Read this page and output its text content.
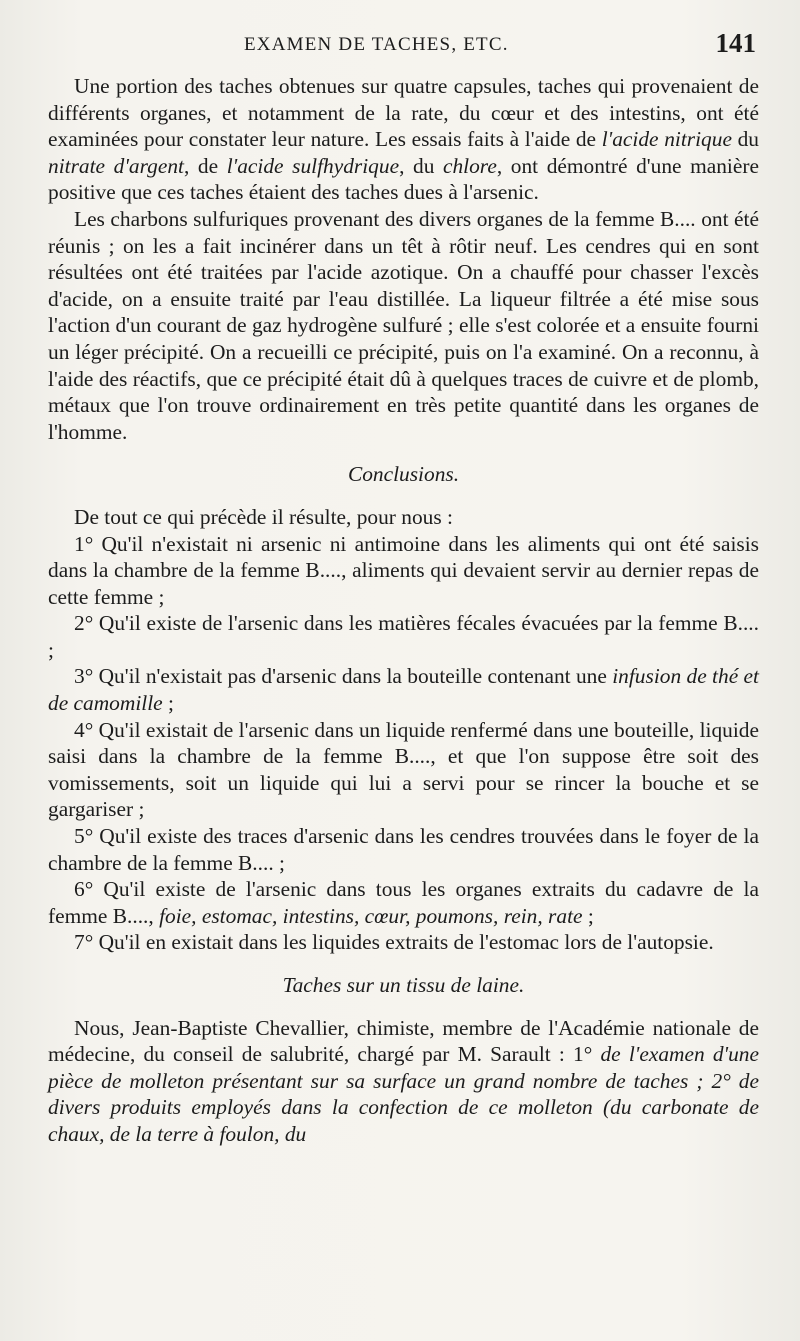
EXAMEN DE TACHES, ETC.	141

Une portion des taches obtenues sur quatre capsules, taches qui provenaient de différents organes, et notamment de la rate, du cœur et des intestins, ont été examinées pour constater leur nature. Les essais faits à l'aide de l'acide nitrique du nitrate d'argent, de l'acide sulfhydrique, du chlore, ont démontré d'une manière positive que ces taches étaient des taches dues à l'arsenic.

Les charbons sulfuriques provenant des divers organes de la femme B.... ont été réunis ; on les a fait incinérer dans un têt à rôtir neuf. Les cendres qui en sont résultées ont été traitées par l'acide azotique. On a chauffé pour chasser l'excès d'acide, on a ensuite traité par l'eau distillée. La liqueur filtrée a été mise sous l'action d'un courant de gaz hydrogène sulfuré ; elle s'est colorée et a ensuite fourni un léger précipité. On a recueilli ce précipité, puis on l'a examiné. On a reconnu, à l'aide des réactifs, que ce précipité était dû à quelques traces de cuivre et de plomb, métaux que l'on trouve ordinairement en très petite quantité dans les organes de l'homme.

Conclusions.

De tout ce qui précède il résulte, pour nous :

1° Qu'il n'existait ni arsenic ni antimoine dans les aliments qui ont été saisis dans la chambre de la femme B...., aliments qui devaient servir au dernier repas de cette femme ;

2° Qu'il existe de l'arsenic dans les matières fécales évacuées par la femme B.... ;

3° Qu'il n'existait pas d'arsenic dans la bouteille contenant une infusion de thé et de camomille ;

4° Qu'il existait de l'arsenic dans un liquide renfermé dans une bouteille, liquide saisi dans la chambre de la femme B...., et que l'on suppose être soit des vomissements, soit un liquide qui lui a servi pour se rincer la bouche et se gargariser ;

5° Qu'il existe des traces d'arsenic dans les cendres trouvées dans le foyer de la chambre de la femme B.... ;

6° Qu'il existe de l'arsenic dans tous les organes extraits du cadavre de la femme B...., foie, estomac, intestins, cœur, poumons, rein, rate ;

7° Qu'il en existait dans les liquides extraits de l'estomac lors de l'autopsie.

Taches sur un tissu de laine.

Nous, Jean-Baptiste Chevallier, chimiste, membre de l'Académie nationale de médecine, du conseil de salubrité, chargé par M. Sarault : 1° de l'examen d'une pièce de molleton présentant sur sa surface un grand nombre de taches ; 2° de divers produits employés dans la confection de ce molleton (du carbonate de chaux, de la terre à foulon, du
